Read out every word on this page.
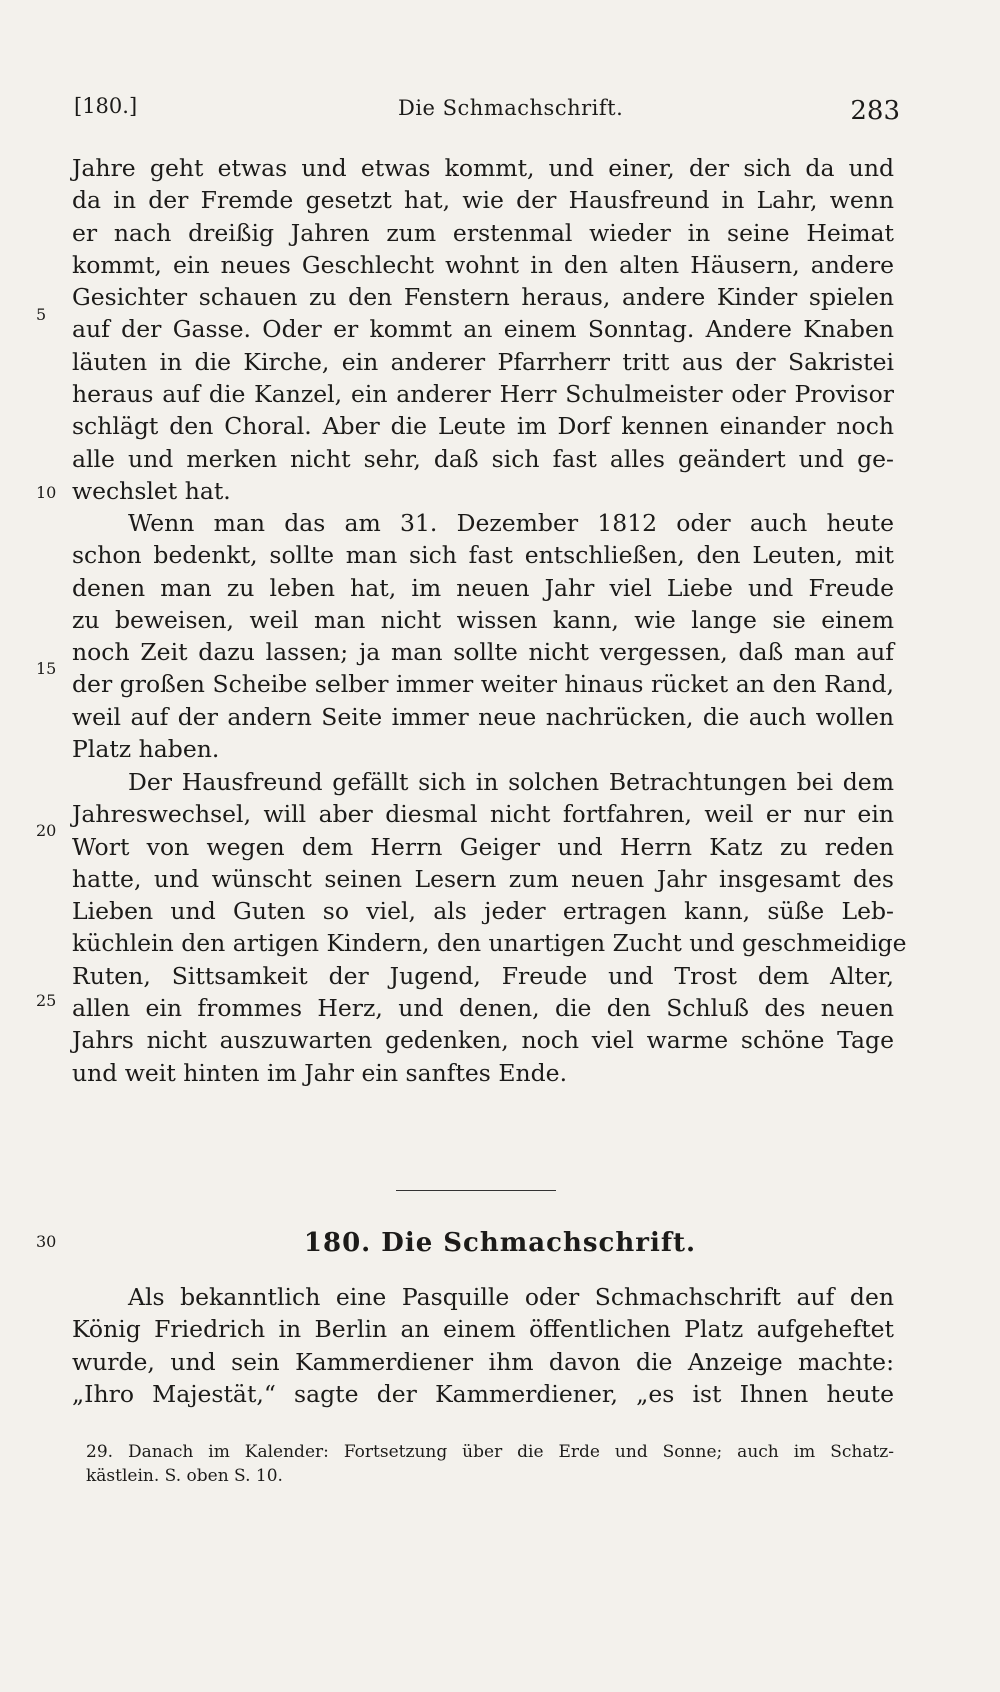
[180.]	Die Schmachschrift.	283
Jahre geht etwas und etwas kommt, und einer, der sich da und
da in der Fremde gesetzt hat, wie der Hausfreund in Lahr, wenn
er nach dreißig Jahren zum erstenmal wieder in seine Heimat
kommt, ein neues Geschlecht wohnt in den alten Häusern, andere
Gesichter schauen zu den Fenstern heraus, andere Kinder spielen
auf der Gasse. Oder er kommt an einem Sonntag. Andere Knaben
läuten in die Kirche, ein anderer Pfarrherr tritt aus der Sakristei
heraus auf die Kanzel, ein anderer Herr Schulmeister oder Provisor
schlägt den Choral. Aber die Leute im Dorf kennen einander noch
alle und merken nicht sehr, daß sich fast alles geändert und ge-
wechslet hat.
Wenn man das am 31. Dezember 1812 oder auch heute
schon bedenkt, sollte man sich fast entschließen, den Leuten, mit
denen man zu leben hat, im neuen Jahr viel Liebe und Freude
zu beweisen, weil man nicht wissen kann, wie lange sie einem
noch Zeit dazu lassen; ja man sollte nicht vergessen, daß man auf
der großen Scheibe selber immer weiter hinaus rücket an den Rand,
weil auf der andern Seite immer neue nachrücken, die auch wollen
Platz haben.
Der Hausfreund gefällt sich in solchen Betrachtungen bei dem
Jahreswechsel, will aber diesmal nicht fortfahren, weil er nur ein
Wort von wegen dem Herrn Geiger und Herrn Katz zu reden
hatte, und wünscht seinen Lesern zum neuen Jahr insgesamt des
Lieben und Guten so viel, als jeder ertragen kann, süße Leb-
küchlein den artigen Kindern, den unartigen Zucht und geschmeidige
Ruten, Sittsamkeit der Jugend, Freude und Trost dem Alter,
allen ein frommes Herz, und denen, die den Schluß des neuen
Jahrs nicht auszuwarten gedenken, noch viel warme schöne Tage
und weit hinten im Jahr ein sanftes Ende.
5
10
15
20
25
30	180. Die Schmachschrift.
Als bekanntlich eine Pasquille oder Schmachschrift auf den
König Friedrich in Berlin an einem öffentlichen Platz aufgeheftet
wurde, und sein Kammerdiener ihm davon die Anzeige machte:
„Ihro Majestät,“ sagte der Kammerdiener, „es ist Ihnen heute
29. Danach im Kalender: Fortsetzung über die Erde und Sonne; auch im Schatz-
kästlein. S. oben S. 10.
